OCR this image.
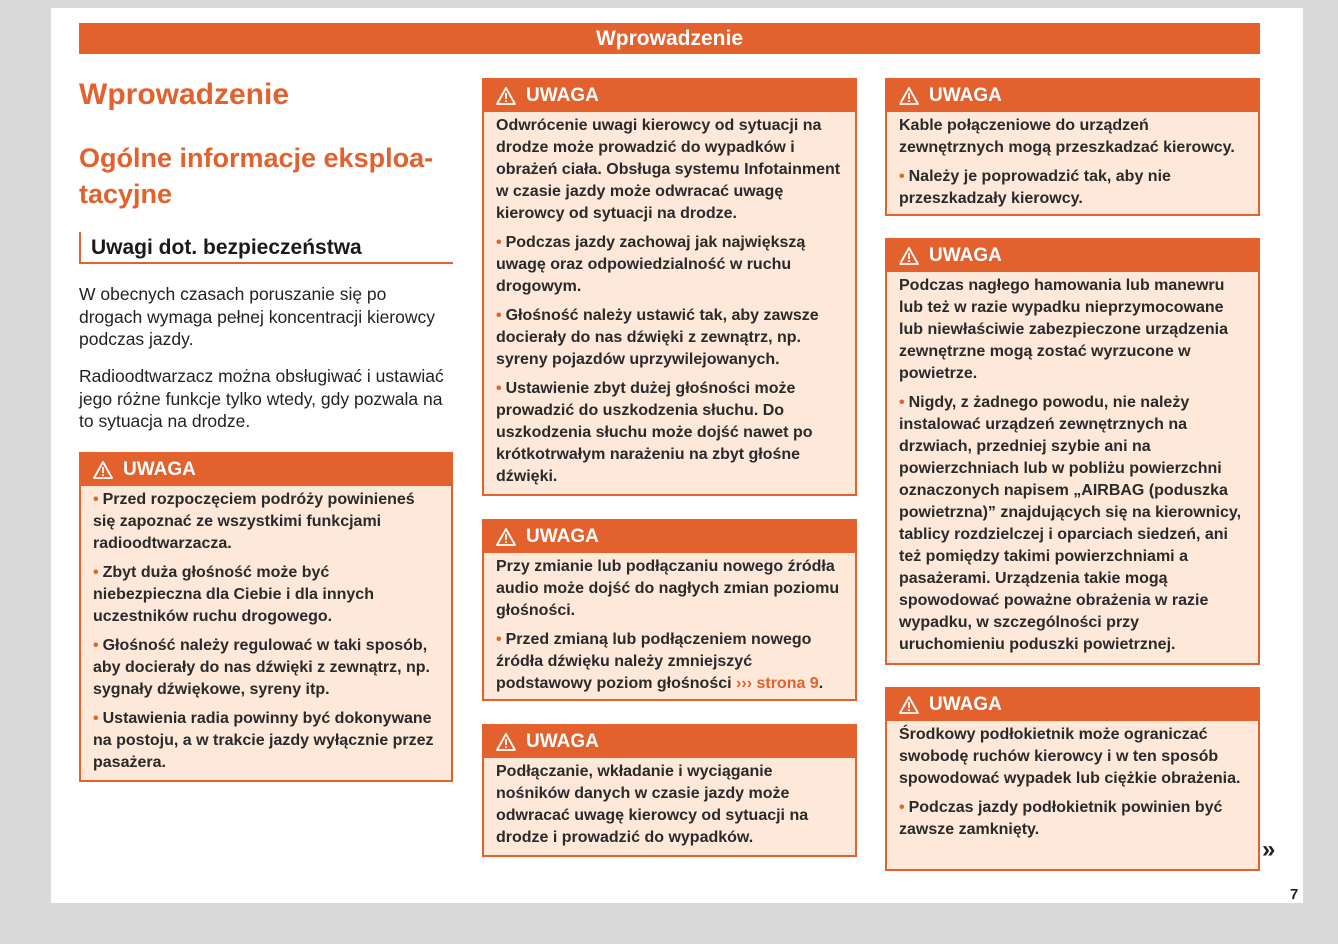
Wprowadzenie
Wprowadzenie
Ogólne informacje eksploa- tacyjne
Uwagi dot. bezpieczeństwa

W obecnych czasach poruszanie się po drogach wymaga pełnej koncentracji kierowcy podczas jazdy.

Radioodtwarzacz można obsługiwać i ustawiać jego różne funkcje tylko wtedy, gdy pozwala na to sytuacja na drodze.

UWAGA

• Przed rozpoczęciem podróży powinieneś się zapoznać ze wszystkimi funkcjami radioodtwarzacza.

• Zbyt duża głośność może być niebezpieczna dla Ciebie i dla innych uczestników ruchu drogowego.

• Głośność należy regulować w taki sposób, aby docierały do nas dźwięki z zewnątrz, np. sygnały dźwiękowe, syreny itp.

• Ustawienia radia powinny być dokonywane na postoju, a w trakcie jazdy wyłącznie przez pasażera.

UWAGA

Odwrócenie uwagi kierowcy od sytuacji na drodze może prowadzić do wypadków i obrażeń ciała. Obsługa systemu Infotainment w czasie jazdy może odwracać uwagę kierowcy od sytuacji na drodze.

• Podczas jazdy zachowaj jak największą uwagę oraz odpowiedzialność w ruchu drogowym.

• Głośność należy ustawić tak, aby zawsze docierały do nas dźwięki z zewnątrz, np. syreny pojazdów uprzywilejowanych.

• Ustawienie zbyt dużej głośności może prowadzić do uszkodzenia słuchu. Do uszkodzenia słuchu może dojść nawet po krótkotrwałym narażeniu na zbyt głośne dźwięki.

UWAGA

Przy zmianie lub podłączaniu nowego źródła audio może dojść do nagłych zmian poziomu głośności.

• Przed zmianą lub podłączeniem nowego źródła dźwięku należy zmniejszyć podstawowy poziom głośności ››› strona 9.

UWAGA

Podłączanie, wkładanie i wyciąganie nośników danych w czasie jazdy może odwracać uwagę kierowcy od sytuacji na drodze i prowadzić do wypadków.

UWAGA

Kable połączeniowe do urządzeń zewnętrznych mogą przeszkadzać kierowcy.

• Należy je poprowadzić tak, aby nie przeszkadzały kierowcy.

UWAGA

Podczas nagłego hamowania lub manewru lub też w razie wypadku nieprzymocowane lub niewłaściwie zabezpieczone urządzenia zewnętrzne mogą zostać wyrzucone w powietrze.

• Nigdy, z żadnego powodu, nie należy instalować urządzeń zewnętrznych na drzwiach, przedniej szybie ani na powierzchniach lub w pobliżu powierzchni oznaczonych napisem „AIRBAG (poduszka powietrzna)” znajdujących się na kierownicy, tablicy rozdzielczej i oparciach siedzeń, ani też pomiędzy takimi powierzchniami a pasażerami. Urządzenia takie mogą spowodować poważne obrażenia w razie wypadku, w szczególności przy uruchomieniu poduszki powietrznej.

UWAGA

Środkowy podłokietnik może ograniczać swobodę ruchów kierowcy i w ten sposób spowodować wypadek lub ciężkie obrażenia.

• Podczas jazdy podłokietnik powinien być zawsze zamknięty.

»
7
